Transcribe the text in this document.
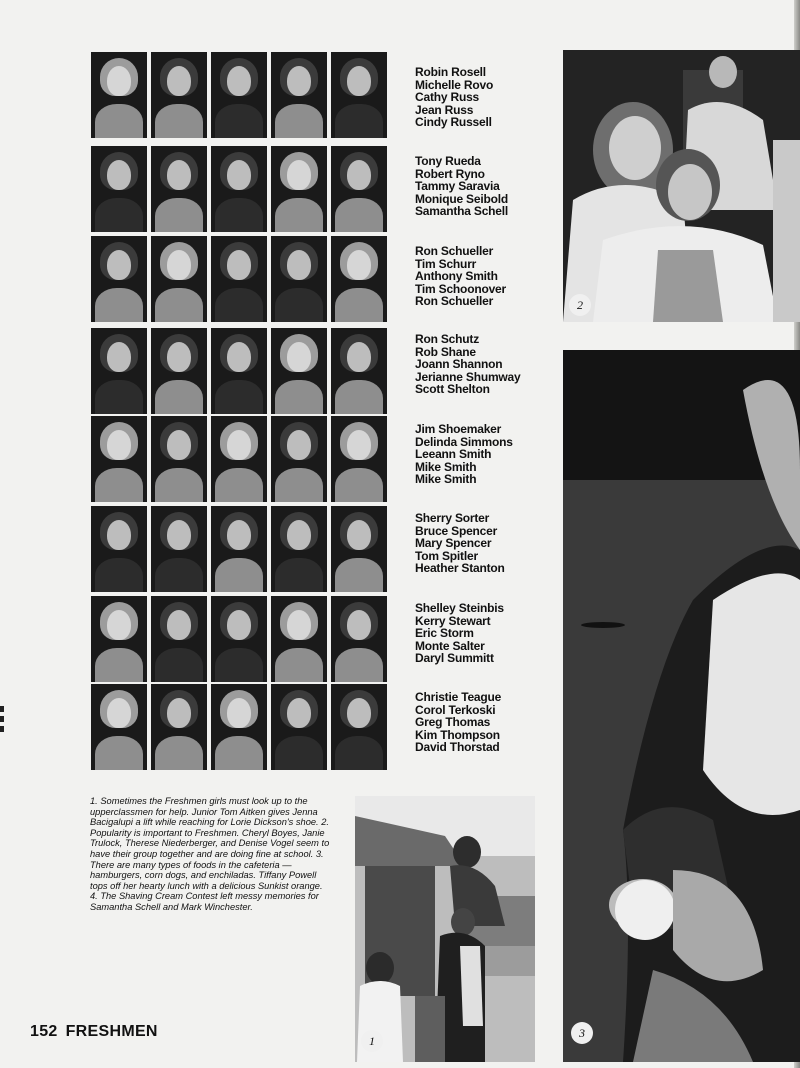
Robin Rosell
Michelle Rovo
Cathy Russ
Jean Russ
Cindy Russell
Tony Rueda
Robert Ryno
Tammy Saravia
Monique Seibold
Samantha Schell
Ron Schueller
Tim Schurr
Anthony Smith
Tim Schoonover
Ron Schueller
Ron Schutz
Rob Shane
Joann Shannon
Jerianne Shumway
Scott Shelton
Jim Shoemaker
Delinda Simmons
Leeann Smith
Mike Smith
Mike Smith
Sherry Sorter
Bruce Spencer
Mary Spencer
Tom Spitler
Heather Stanton
Shelley Steinbis
Kerry Stewart
Eric Storm
Monte Salter
Daryl Summitt
Christie Teague
Corol Terkoski
Greg Thomas
Kim Thompson
David Thorstad
2
3
1
1. Sometimes the Freshmen girls must look up to the upperclassmen for help. Junior Tom Aitken gives Jenna Bacigalupi a lift while reaching for Lorie Dickson's shoe. 2. Popularity is important to Freshmen. Cheryl Boyes, Janie Trulock, Therese Niederberger, and Denise Vogel seem to have their group together and are doing fine at school. 3. There are many types of foods in the cafeteria — hamburgers, corn dogs, and enchiladas. Tiffany Powell tops off her hearty lunch with a delicious Sunkist orange. 4. The Shaving Cream Contest left messy memories for Samantha Schell and Mark Winchester.
152 FRESHMEN
